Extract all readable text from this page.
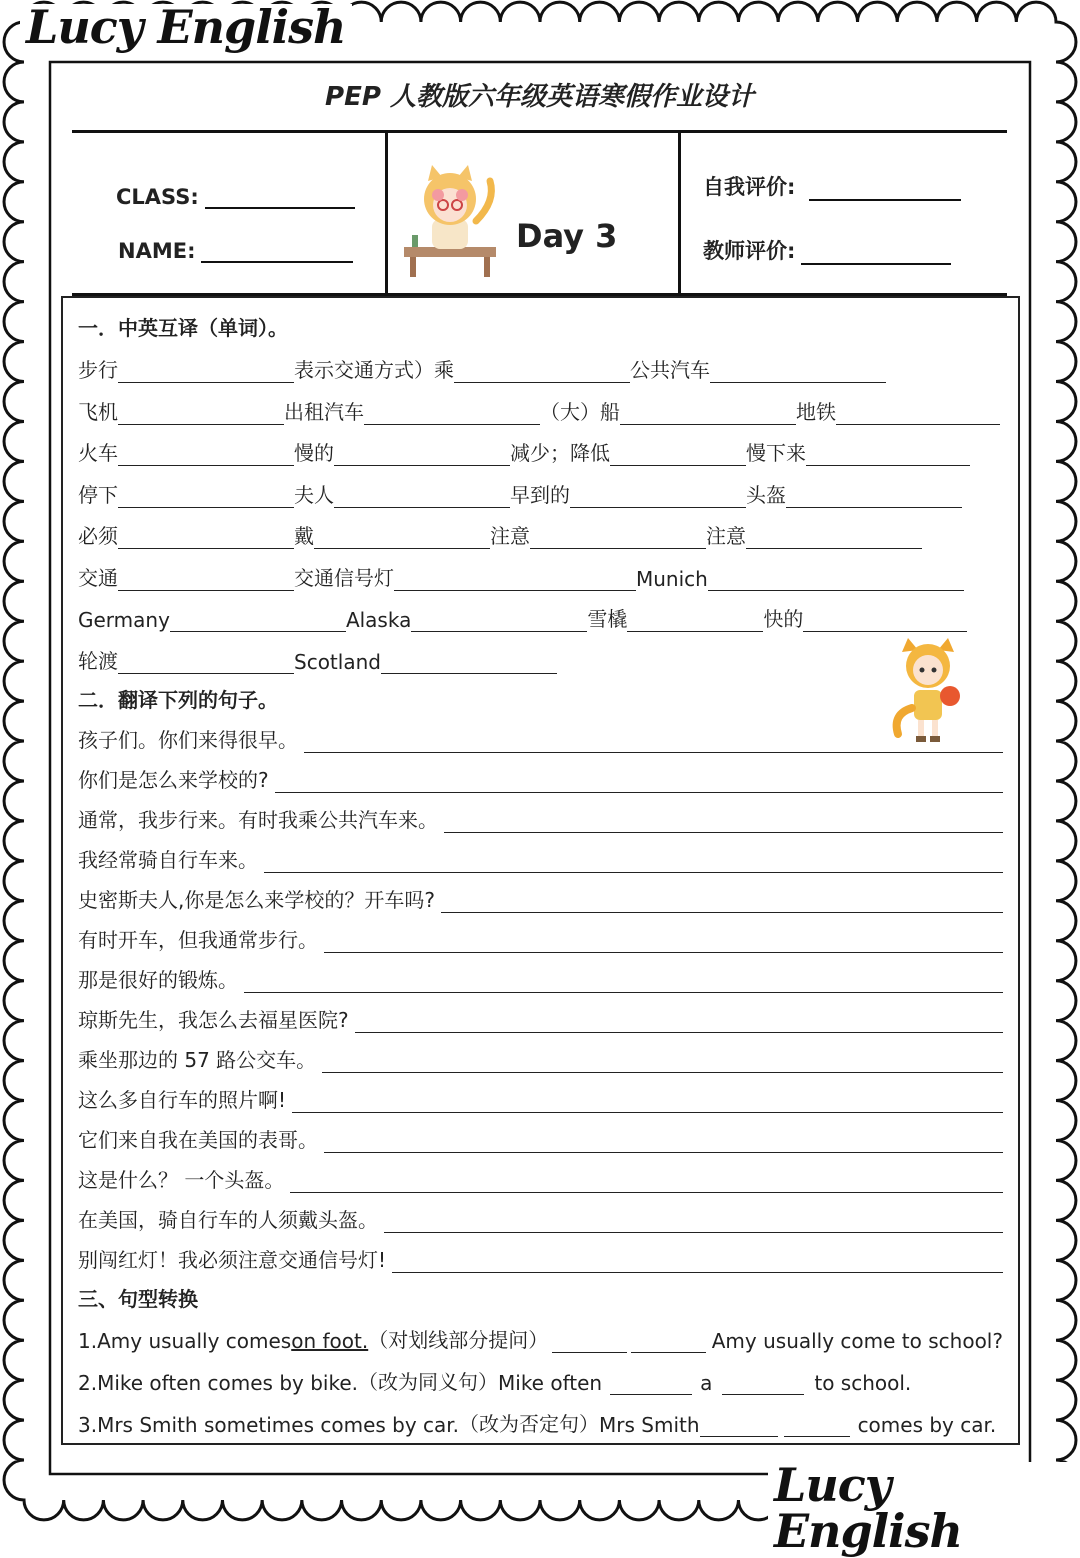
Lucy English
Lucy English
PEP 人教版六年级英语寒假作业设计
CLASS:
NAME:	Day 3
自我评价:
教师评价:
一．中英互译（单词）。
步行	表示交通方式）乘	公共汽车
飞机	出租汽车	（大）船	地铁
火车	慢的	减少；降低	慢下来
停下	夫人	早到的	头盔
必须	戴	注意	注意
交通	交通信号灯	Munich
Germany	Alaska	雪橇	快的
轮渡	Scotland
二．翻译下列的句子。
孩子们。你们来得很早。
你们是怎么来学校的?
通常，我步行来。有时我乘公共汽车来。
我经常骑自行车来。
史密斯夫人,你是怎么来学校的？开车吗?
有时开车，但我通常步行。
那是很好的锻炼。
琼斯先生，我怎么去福星医院?
乘坐那边的 57 路公交车。
这么多自行车的照片啊!
它们来自我在美国的表哥。
这是什么？ 一个头盔。
在美国，骑自行车的人须戴头盔。
别闯红灯！我必须注意交通信号灯!
三、句型转换
1.Amy usually comes on foot. （对划线部分提问）	Amy usually come to school?
2.Mike often comes by bike. （改为同义句） Mike often	a	to school.
3.Mrs Smith sometimes comes by car. （改为否定句） Mrs Smith	comes by car.
